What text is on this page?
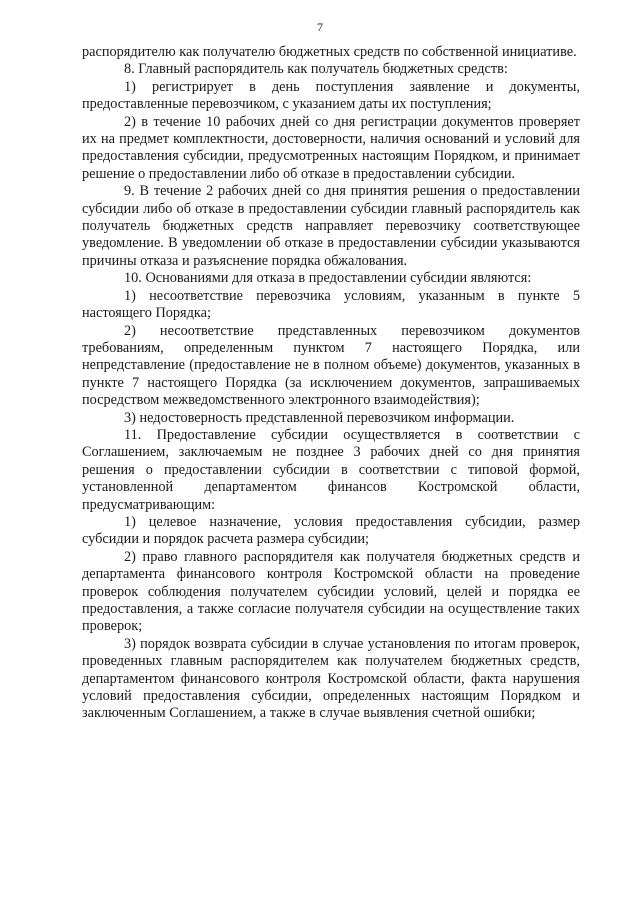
7

распорядителю как получателю бюджетных средств по собственной инициативе.

8. Главный распорядитель как получатель бюджетных средств:

1) регистрирует в день поступления заявление и документы, предоставленные перевозчиком, с указанием даты их поступления;

2) в течение 10 рабочих дней со дня регистрации документов проверяет их на предмет комплектности, достоверности, наличия оснований и условий для предоставления субсидии, предусмотренных настоящим Порядком, и принимает решение о предоставлении либо об отказе в предоставлении субсидии.

9. В течение 2 рабочих дней со дня принятия решения о предоставлении субсидии либо об отказе в предоставлении субсидии главный распорядитель как получатель бюджетных средств направляет перевозчику соответствующее уведомление. В уведомлении об отказе в предоставлении субсидии указываются причины отказа и разъяснение порядка обжалования.

10. Основаниями для отказа в предоставлении субсидии являются:

1) несоответствие перевозчика условиям, указанным в пункте 5 настоящего Порядка;

2) несоответствие представленных перевозчиком документов требованиям, определенным пунктом 7 настоящего Порядка, или непредставление (предоставление не в полном объеме) документов, указанных в пункте 7 настоящего Порядка (за исключением документов, запрашиваемых посредством межведомственного электронного взаимодействия);

3) недостоверность представленной перевозчиком информации.

11. Предоставление субсидии осуществляется в соответствии с Соглашением, заключаемым не позднее 3 рабочих дней со дня принятия решения о предоставлении субсидии в соответствии с типовой формой, установленной департаментом финансов Костромской области, предусматривающим:

1) целевое назначение, условия предоставления субсидии, размер субсидии и порядок расчета размера субсидии;

2) право главного распорядителя как получателя бюджетных средств и департамента финансового контроля Костромской области на проведение проверок соблюдения получателем субсидии условий, целей и порядка ее предоставления, а также согласие получателя субсидии на осуществление таких проверок;

3) порядок возврата субсидии в случае установления по итогам проверок, проведенных главным распорядителем как получателем бюджетных средств, департаментом финансового контроля Костромской области, факта нарушения условий предоставления субсидии, определенных настоящим Порядком и заключенным Соглашением, а также в случае выявления счетной ошибки;
